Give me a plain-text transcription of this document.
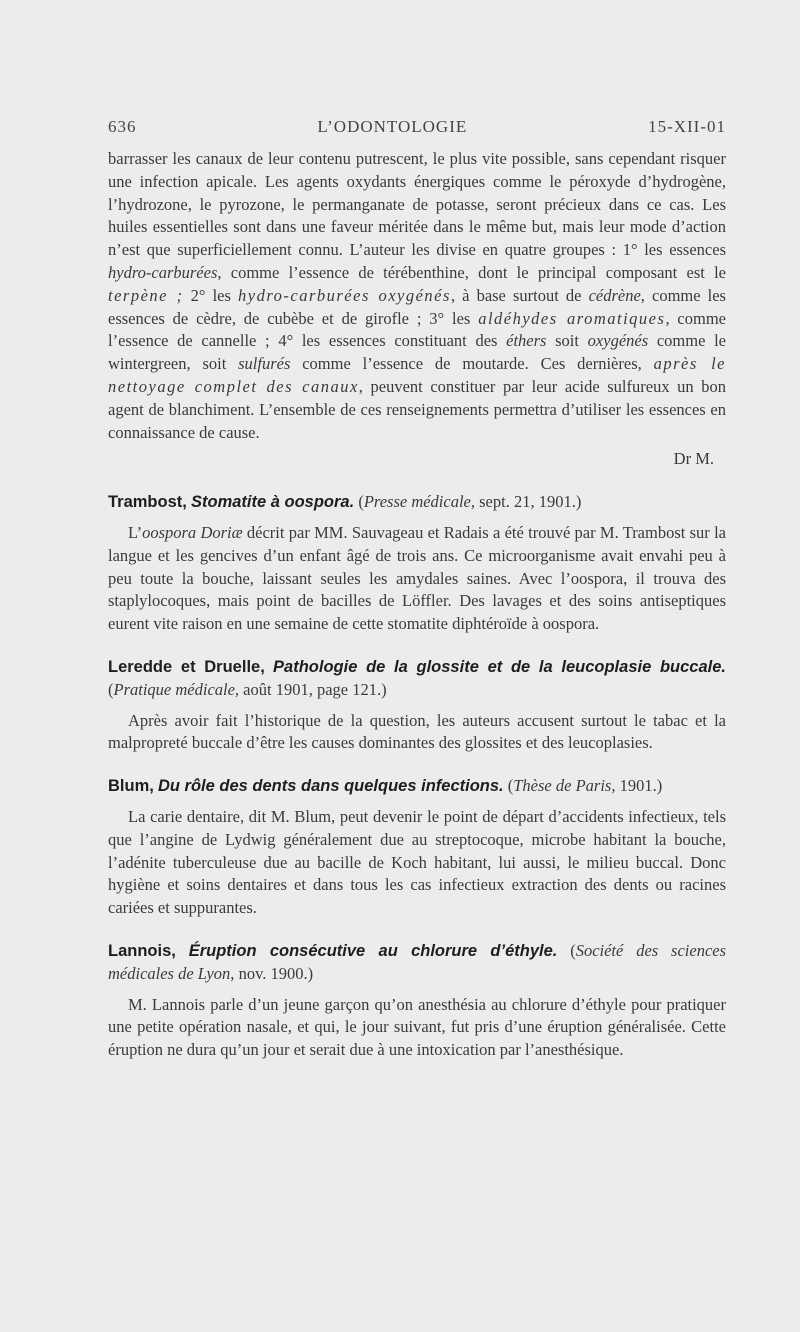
636	L’ODONTOLOGIE	15-XII-01

barrasser les canaux de leur contenu putrescent, le plus vite possible, sans cependant risquer une infection apicale. Les agents oxydants énergiques comme le péroxyde d’hydrogène, l’hydrozone, le pyrozone, le permanganate de potasse, seront précieux dans ce cas. Les huiles essentielles sont dans une faveur méritée dans le même but, mais leur mode d’action n’est que superficiellement connu. L’auteur les divise en quatre groupes : 1° les essences hydro-carburées, comme l’essence de térébenthine, dont le principal composant est le terpène ; 2° les hydro-carburées oxygénés, à base surtout de cédrène, comme les essences de cèdre, de cubèbe et de girofle ; 3° les aldéhydes aromatiques, comme l’essence de cannelle ; 4° les essences constituant des éthers soit oxygénés comme le wintergreen, soit sulfurés comme l’essence de moutarde. Ces dernières, après le nettoyage complet des canaux, peuvent constituer par leur acide sulfureux un bon agent de blanchiment. L’ensemble de ces renseignements permettra d’utiliser les essences en connaissance de cause.

Dr M.

Trambost, Stomatite à oospora. (Presse médicale, sept. 21, 1901.)

L’oospora Doriæ décrit par MM. Sauvageau et Radais a été trouvé par M. Trambost sur la langue et les gencives d’un enfant âgé de trois ans. Ce microorganisme avait envahi peu à peu toute la bouche, laissant seules les amydales saines. Avec l’oospora, il trouva des staplylocoques, mais point de bacilles de Löffler. Des lavages et des soins antiseptiques eurent vite raison en une semaine de cette stomatite diphtéroïde à oospora.

Leredde et Druelle, Pathologie de la glossite et de la leucoplasie buccale. (Pratique médicale, août 1901, page 121.)

Après avoir fait l’historique de la question, les auteurs accusent surtout le tabac et la malpropreté buccale d’être les causes dominantes des glossites et des leucoplasies.

Blum, Du rôle des dents dans quelques infections. (Thèse de Paris, 1901.)

La carie dentaire, dit M. Blum, peut devenir le point de départ d’accidents infectieux, tels que l’angine de Lydwig généralement due au streptocoque, microbe habitant la bouche, l’adénite tuberculeuse due au bacille de Koch habitant, lui aussi, le milieu buccal. Donc hygiène et soins dentaires et dans tous les cas infectieux extraction des dents ou racines cariées et suppurantes.

Lannois, Éruption consécutive au chlorure d’éthyle. (Société des sciences médicales de Lyon, nov. 1900.)

M. Lannois parle d’un jeune garçon qu’on anesthésia au chlorure d’éthyle pour pratiquer une petite opération nasale, et qui, le jour suivant, fut pris d’une éruption généralisée. Cette éruption ne dura qu’un jour et serait due à une intoxication par l’anesthésique.
